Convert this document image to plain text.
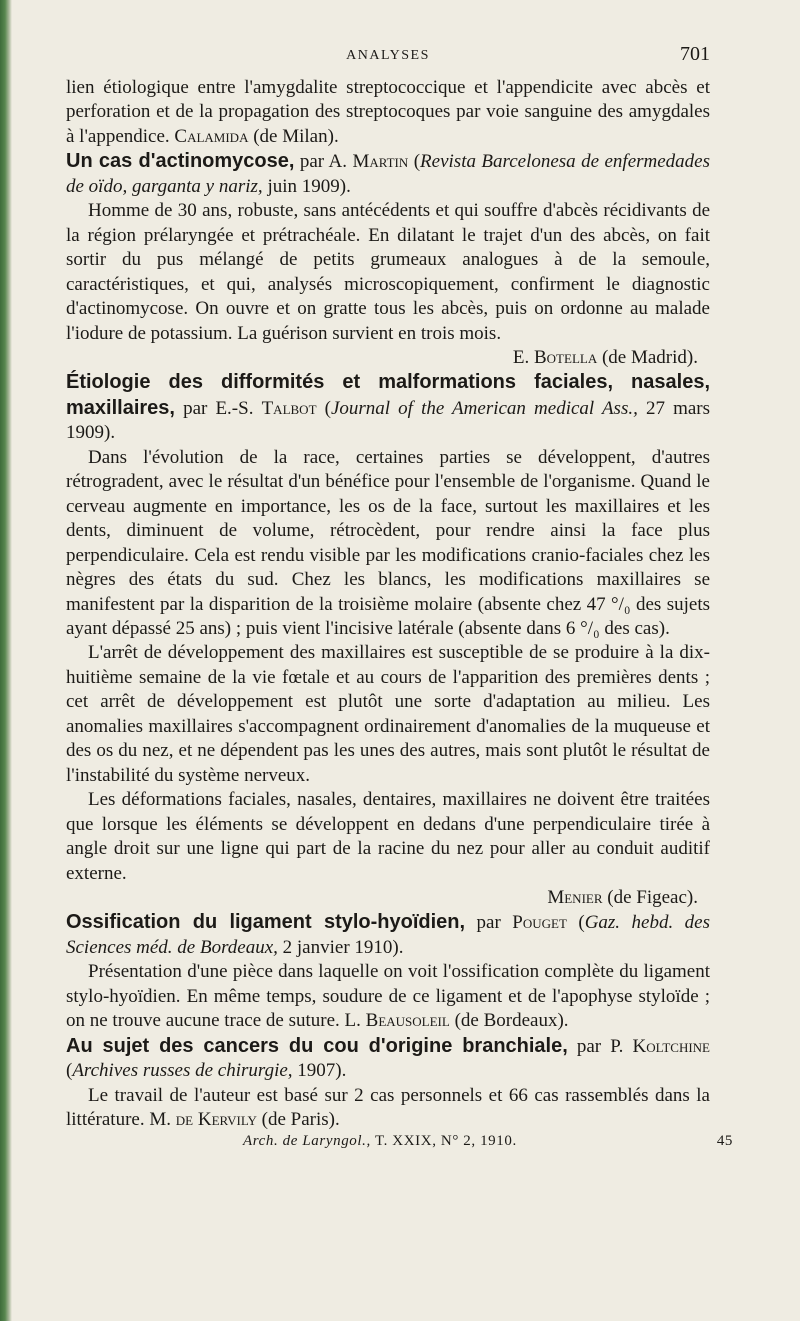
ANALYSES	701

lien étiologique entre l'amygdalite streptococcique et l'appendicite avec abcès et perforation et de la propagation des streptocoques par voie sanguine des amygdales à l'appendice. Calamida (de Milan).

Un cas d'actinomycose, par A. Martin (Revista Barcelonesa de enfermedades de oïdo, garganta y nariz, juin 1909).

Homme de 30 ans, robuste, sans antécédents et qui souffre d'abcès récidivants de la région prélaryngée et prétrachéale. En dilatant le trajet d'un des abcès, on fait sortir du pus mélangé de petits grumeaux analogues à de la semoule, caractéristiques, et qui, analysés microscopiquement, confirment le diagnostic d'actinomycose. On ouvre et on gratte tous les abcès, puis on ordonne au malade l'iodure de potassium. La guérison survient en trois mois.

E. Botella (de Madrid).

Étiologie des difformités et malformations faciales, nasales, maxillaires, par E.-S. Talbot (Journal of the American medical Ass., 27 mars 1909).

Dans l'évolution de la race, certaines parties se développent, d'autres rétrogradent, avec le résultat d'un bénéfice pour l'ensemble de l'organisme. Quand le cerveau augmente en importance, les os de la face, surtout les maxillaires et les dents, diminuent de volume, rétrocèdent, pour rendre ainsi la face plus perpendiculaire. Cela est rendu visible par les modifications cranio-faciales chez les nègres des états du sud. Chez les blancs, les modifications maxillaires se manifestent par la disparition de la troisième molaire (absente chez 47 °/₀ des sujets ayant dépassé 25 ans) ; puis vient l'incisive latérale (absente dans 6 °/₀ des cas).

L'arrêt de développement des maxillaires est susceptible de se produire à la dix-huitième semaine de la vie fœtale et au cours de l'apparition des premières dents ; cet arrêt de développement est plutôt une sorte d'adaptation au milieu. Les anomalies maxillaires s'accompagnent ordinairement d'anomalies de la muqueuse et des os du nez, et ne dépendent pas les unes des autres, mais sont plutôt le résultat de l'instabilité du système nerveux.

Les déformations faciales, nasales, dentaires, maxillaires ne doivent être traitées que lorsque les éléments se développent en dedans d'une perpendiculaire tirée à angle droit sur une ligne qui part de la racine du nez pour aller au conduit auditif externe.

Menier (de Figeac).

Ossification du ligament stylo-hyoïdien, par Pouget (Gaz. hebd. des Sciences méd. de Bordeaux, 2 janvier 1910).

Présentation d'une pièce dans laquelle on voit l'ossification complète du ligament stylo-hyoïdien. En même temps, soudure de ce ligament et de l'apophyse styloïde ; on ne trouve aucune trace de suture. L. Beausoleil (de Bordeaux).

Au sujet des cancers du cou d'origine branchiale, par P. Koltchine (Archives russes de chirurgie, 1907).

Le travail de l'auteur est basé sur 2 cas personnels et 66 cas rassemblés dans la littérature. M. de Kervily (de Paris).

Arch. de Laryngol., T. XXIX, N° 2, 1910.	45
